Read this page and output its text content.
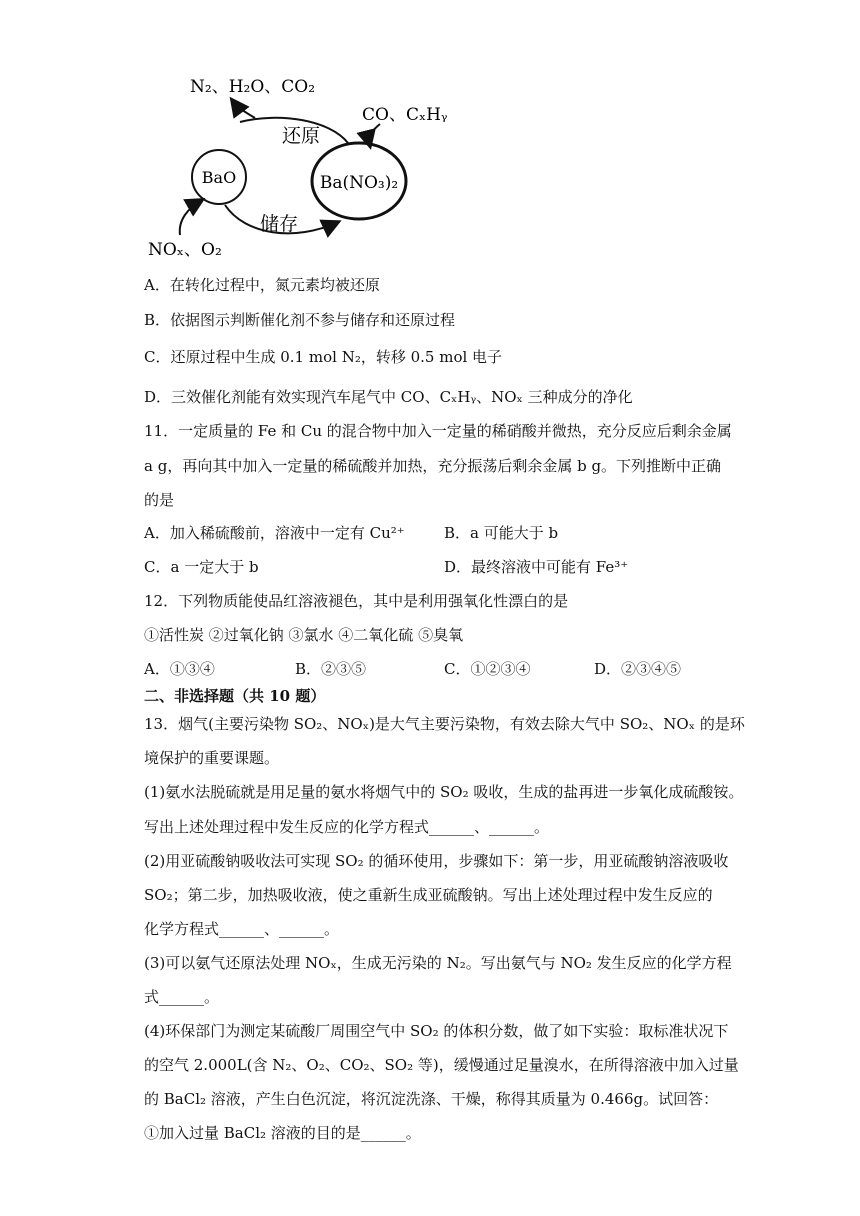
N₂、H₂O、CO₂
CO、CₓHᵧ
还原
储存
NOₓ、O₂
BaO	Ba(NO₃)₂
A．在转化过程中，氮元素均被还原
B．依据图示判断催化剂不参与储存和还原过程
C．还原过程中生成 0.1 mol N₂，转移 0.5 mol 电子
D．三效催化剂能有效实现汽车尾气中 CO、CₓHᵧ、NOₓ 三种成分的净化
11．一定质量的 Fe 和 Cu 的混合物中加入一定量的稀硝酸并微热，充分反应后剩余金属
a g，再向其中加入一定量的稀硫酸并加热，充分振荡后剩余金属 b g。下列推断中正确
的是
A．加入稀硫酸前，溶液中一定有 Cu²⁺	B．a 可能大于 b
C．a 一定大于 b	D．最终溶液中可能有 Fe³⁺
12．下列物质能使品红溶液褪色，其中是利用强氧化性漂白的是
①活性炭 ②过氧化钠 ③氯水 ④二氧化硫 ⑤臭氧
A．①③④	B．②③⑤	C．①②③④	D．②③④⑤
二、非选择题（共 10 题）
13．烟气(主要污染物 SO₂、NOₓ)是大气主要污染物，有效去除大气中 SO₂、NOₓ 的是环
境保护的重要课题。
(1)氨水法脱硫就是用足量的氨水将烟气中的 SO₂ 吸收，生成的盐再进一步氧化成硫酸铵。
写出上述处理过程中发生反应的化学方程式______、______。
(2)用亚硫酸钠吸收法可实现 SO₂ 的循环使用，步骤如下：第一步，用亚硫酸钠溶液吸收
SO₂；第二步，加热吸收液，使之重新生成亚硫酸钠。写出上述处理过程中发生反应的
化学方程式______、______。
(3)可以氨气还原法处理 NOₓ，生成无污染的 N₂。写出氨气与 NO₂ 发生反应的化学方程
式______。
(4)环保部门为测定某硫酸厂周围空气中 SO₂ 的体积分数，做了如下实验：取标准状况下
的空气 2.000L(含 N₂、O₂、CO₂、SO₂ 等)，缓慢通过足量溴水，在所得溶液中加入过量
的 BaCl₂ 溶液，产生白色沉淀，将沉淀洗涤、干燥，称得其质量为 0.466g。试回答：
①加入过量 BaCl₂ 溶液的目的是______。
